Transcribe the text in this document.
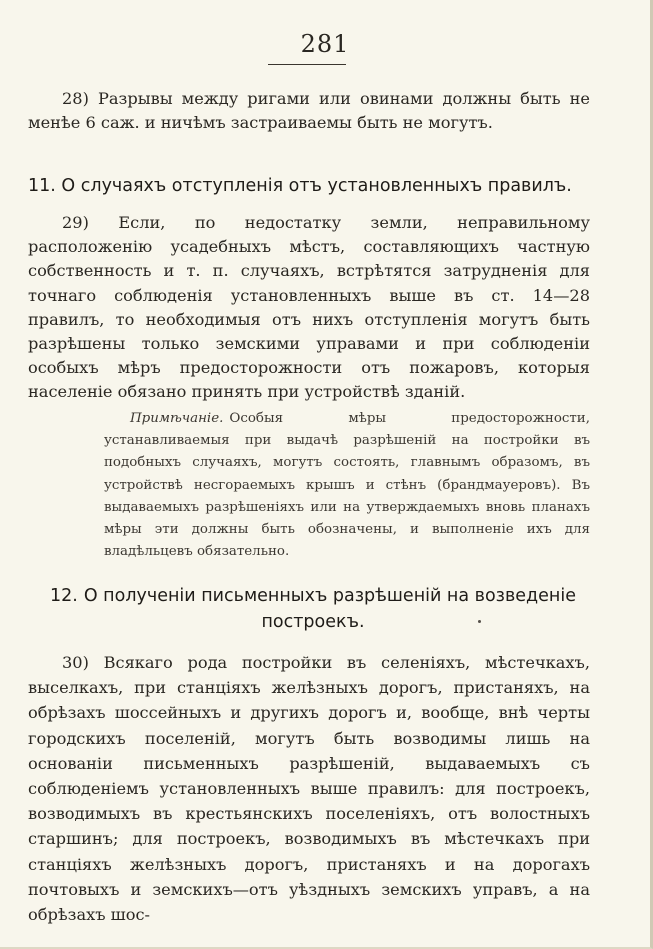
281

28) Разрывы между ригами или овинами должны быть не менѣе 6 саж. и ничѣмъ застраиваемы быть не могутъ.

11. О случаяхъ отступленія отъ установленныхъ правилъ.

29) Если, по недостатку земли, неправильному расположенію усадебныхъ мѣстъ, составляющихъ частную собственность и т. п. случаяхъ, встрѣтятся затрудненія для точнаго соблюденія установленныхъ выше въ ст. 14—28 правилъ, то необходимыя отъ нихъ отступленія могутъ быть разрѣшены только земскими управами и при соблюденіи особыхъ мѣръ предосторожности отъ пожаровъ, которыя населеніе обязано принять при устройствѣ зданій.

Примѣчаніе. Особыя мѣры предосторожности, устанавливаемыя при выдачѣ разрѣшеній на постройки въ подобныхъ случаяхъ, могутъ состоять, главнымъ образомъ, въ устройствѣ несгораемыхъ крышъ и стѣнъ (брандмауеровъ). Въ выдаваемыхъ разрѣшеніяхъ или на утверждаемыхъ вновь планахъ мѣры эти должны быть обозначены, и выполненіе ихъ для владѣльцевъ обязательно.

12. О полученіи письменныхъ разрѣшеній на возведеніе построекъ.

30) Всякаго рода постройки въ селеніяхъ, мѣстечкахъ, выселкахъ, при станціяхъ желѣзныхъ дорогъ, пристаняхъ, на обрѣзахъ шоссейныхъ и другихъ дорогъ и, вообще, внѣ черты городскихъ поселеній, могутъ быть возводимы лишь на основаніи письменныхъ разрѣшеній, выдаваемыхъ съ соблюденіемъ установленныхъ выше правилъ: для построекъ, возводимыхъ въ крестьянскихъ поселеніяхъ, отъ волостныхъ старшинъ; для построекъ, возводимыхъ въ мѣстечкахъ при станціяхъ желѣзныхъ дорогъ, пристаняхъ и на дорогахъ почтовыхъ и земскихъ—отъ уѣздныхъ земскихъ управъ, а на обрѣзахъ шос-
